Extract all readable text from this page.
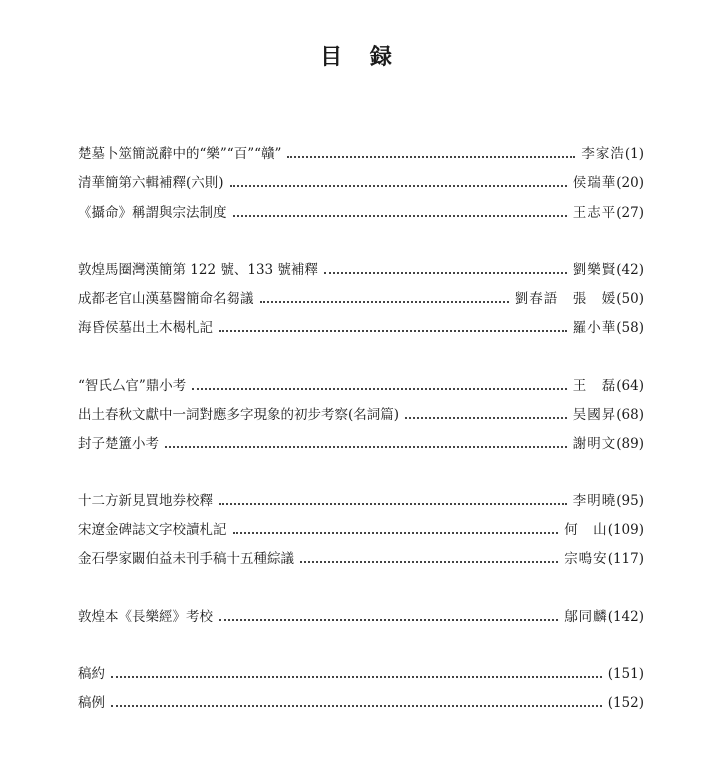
目 録
楚墓卜筮簡説辭中的“樂”“百”“贛”	李家浩 (1)
清華簡第六輯補釋(六則)	侯瑞華 (20)
《攝命》稱謂與宗法制度	王志平 (27)
敦煌馬圈灣漢簡第 122 號、133 號補釋	劉樂賢 (42)
成都老官山漢墓醫簡命名芻議	劉春語　張　媛 (50)
海昏侯墓出土木楬札記	羅小華 (58)
“智氏厶官”鼎小考	王　磊 (64)
出土春秋文獻中一詞對應多字現象的初步考察(名詞篇)	吴國昇 (68)
封子楚簠小考	謝明文 (89)
十二方新見買地券校釋	李明曉 (95)
宋遼金碑誌文字校讀札記	何　山 (109)
金石學家闞伯益未刊手稿十五種綜議	宗鳴安 (117)
敦煌本《長樂經》考校	鄔同麟 (142)
稿約	(151)
稿例	(152)
